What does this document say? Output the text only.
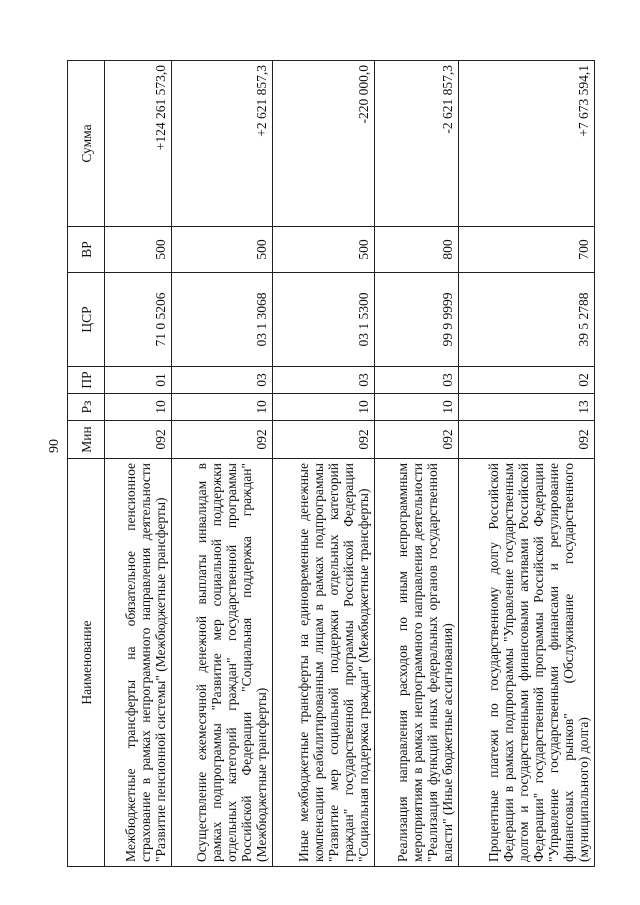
90
Наименование	Мин	Рз	ПР	ЦСР	ВР	Сумма
Межбюджетные трансферты на обязательное пенсионное страхование в рамках непрограммного направления деятельности "Развитие пенсионной системы" (Межбюджетные трансферты)	092	10	01	71 0 5206	500	+124 261 573,0
Осуществление ежемесячной денежной выплаты инвалидам в рамках подпрограммы "Развитие мер социальной поддержки отдельных категорий граждан" государственной программы Российской Федерации "Социальная поддержка граждан" (Межбюджетные трансферты)	092	10	03	03 1 3068	500	+2 621 857,3
Иные межбюджетные трансферты на единовременные денежные компенсации реабилитированным лицам в рамках подпрограммы "Развитие мер социальной поддержки отдельных категорий граждан" государственной программы Российской Федерации "Социальная поддержка граждан" (Межбюджетные трансферты)	092	10	03	03 1 5300	500	-220 000,0
Реализация направления расходов по иным непрограммным мероприятиям в рамках непрограммного направления деятельности "Реализация функций иных федеральных органов государственной власти" (Иные бюджетные ассигнования)	092	10	03	99 9 9999	800	-2 621 857,3
Процентные платежи по государственному долгу Российской Федерации в рамках подпрограммы "Управление государственным долгом и государственными финансовыми активами Российской Федерации" государственной программы Российской Федерации "Управление государственными финансами и регулирование финансовых рынков" (Обслуживание государственного (муниципального) долга)	092	13	02	39 5 2788	700	+7 673 594,1
